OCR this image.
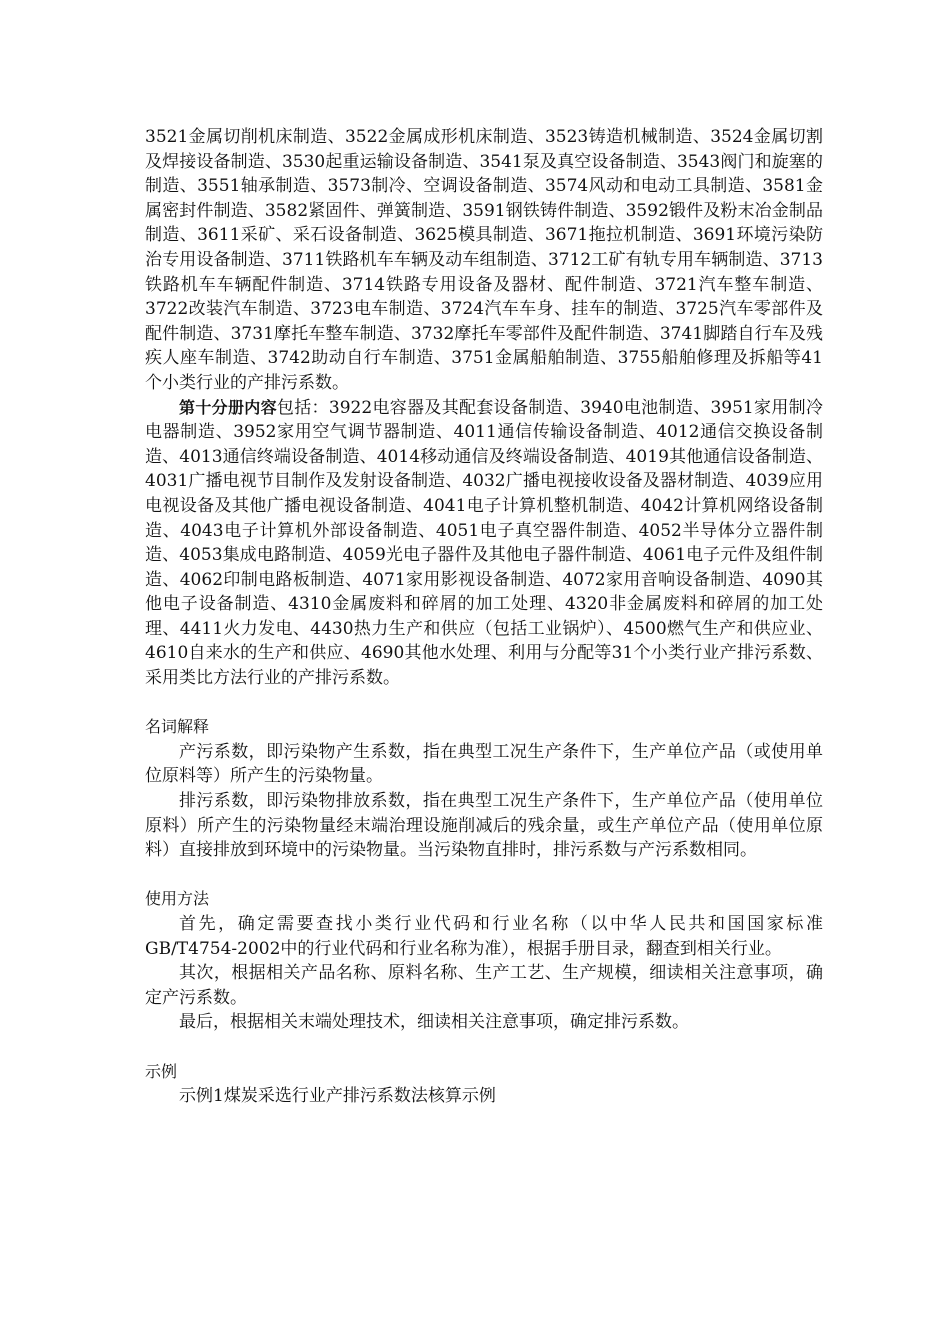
3521金属切削机床制造、3522金属成形机床制造、3523铸造机械制造、3524金属切割及焊接设备制造、3530起重运输设备制造、3541泵及真空设备制造、3543阀门和旋塞的制造、3551轴承制造、3573制冷、空调设备制造、3574风动和电动工具制造、3581金属密封件制造、3582紧固件、弹簧制造、3591钢铁铸件制造、3592锻件及粉末冶金制品制造、3611采矿、采石设备制造、3625模具制造、3671拖拉机制造、3691环境污染防治专用设备制造、3711铁路机车车辆及动车组制造、3712工矿有轨专用车辆制造、3713铁路机车车辆配件制造、3714铁路专用设备及器材、配件制造、3721汽车整车制造、3722改装汽车制造、3723电车制造、3724汽车车身、挂车的制造、3725汽车零部件及配件制造、3731摩托车整车制造、3732摩托车零部件及配件制造、3741脚踏自行车及残疾人座车制造、3742助动自行车制造、3751金属船舶制造、3755船舶修理及拆船等41个小类行业的产排污系数。

第十分册内容包括：3922电容器及其配套设备制造、3940电池制造、3951家用制冷电器制造、3952家用空气调节器制造、4011通信传输设备制造、4012通信交换设备制造、4013通信终端设备制造、4014移动通信及终端设备制造、4019其他通信设备制造、4031广播电视节目制作及发射设备制造、4032广播电视接收设备及器材制造、4039应用电视设备及其他广播电视设备制造、4041电子计算机整机制造、4042计算机网络设备制造、4043电子计算机外部设备制造、4051电子真空器件制造、4052半导体分立器件制造、4053集成电路制造、4059光电子器件及其他电子器件制造、4061电子元件及组件制造、4062印制电路板制造、4071家用影视设备制造、4072家用音响设备制造、4090其他电子设备制造、4310金属废料和碎屑的加工处理、4320非金属废料和碎屑的加工处理、4411火力发电、4430热力生产和供应（包括工业锅炉）、4500燃气生产和供应业、4610自来水的生产和供应、4690其他水处理、利用与分配等31个小类行业产排污系数、采用类比方法行业的产排污系数。

名词解释

产污系数，即污染物产生系数，指在典型工况生产条件下，生产单位产品（或使用单位原料等）所产生的污染物量。

排污系数，即污染物排放系数，指在典型工况生产条件下，生产单位产品（使用单位原料）所产生的污染物量经末端治理设施削减后的残余量，或生产单位产品（使用单位原料）直接排放到环境中的污染物量。当污染物直排时，排污系数与产污系数相同。

使用方法

首先，确定需要查找小类行业代码和行业名称（以中华人民共和国国家标准GB/T4754-2002中的行业代码和行业名称为准），根据手册目录，翻查到相关行业。

其次，根据相关产品名称、原料名称、生产工艺、生产规模，细读相关注意事项，确定产污系数。

最后，根据相关末端处理技术，细读相关注意事项，确定排污系数。

示例

示例1煤炭采选行业产排污系数法核算示例
